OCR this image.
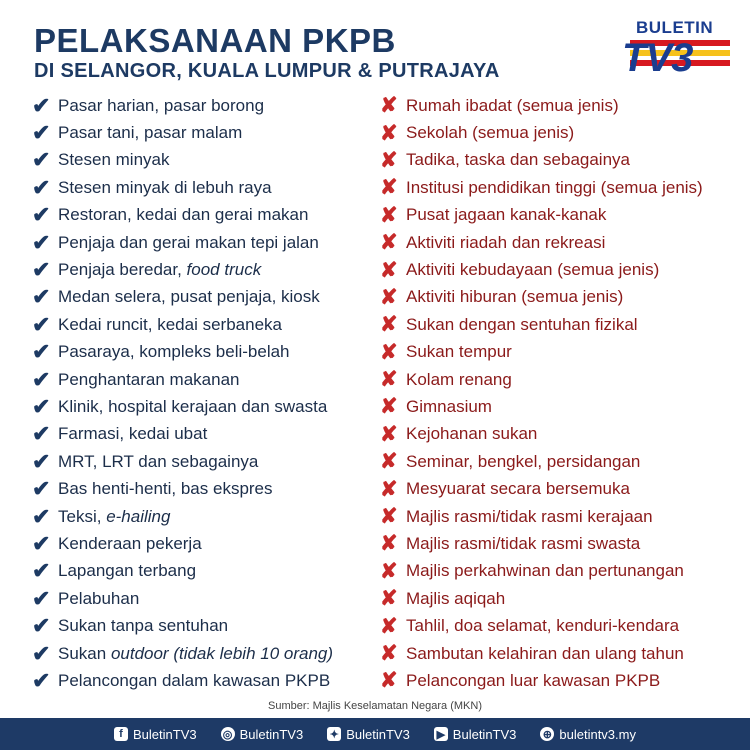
PELAKSANAAN PKPB
DI SELANGOR, KUALA LUMPUR & PUTRAJAYA
BULETIN
TV3
✔ Pasar harian, pasar borong
✔ Pasar tani, pasar malam
✔ Stesen minyak
✔ Stesen minyak di lebuh raya
✔ Restoran, kedai dan gerai makan
✔ Penjaja dan gerai makan tepi jalan
✔ Penjaja beredar, food truck
✔ Medan selera, pusat penjaja, kiosk
✔ Kedai runcit, kedai serbaneka
✔ Pasaraya, kompleks beli-belah
✔ Penghantaran makanan
✔ Klinik, hospital kerajaan dan swasta
✔ Farmasi, kedai ubat
✔ MRT, LRT dan sebagainya
✔ Bas henti-henti, bas ekspres
✔ Teksi, e-hailing
✔ Kenderaan pekerja
✔ Lapangan terbang
✔ Pelabuhan
✔ Sukan tanpa sentuhan
✔ Sukan outdoor (tidak lebih 10 orang)
✔ Pelancongan dalam kawasan PKPB
✘ Rumah ibadat (semua jenis)
✘ Sekolah (semua jenis)
✘ Tadika, taska dan sebagainya
✘ Institusi pendidikan tinggi (semua jenis)
✘ Pusat jagaan kanak-kanak
✘ Aktiviti riadah dan rekreasi
✘ Aktiviti kebudayaan (semua jenis)
✘ Aktiviti hiburan (semua jenis)
✘ Sukan dengan sentuhan fizikal
✘ Sukan tempur
✘ Kolam renang
✘ Gimnasium
✘ Kejohanan sukan
✘ Seminar, bengkel, persidangan
✘ Mesyuarat secara bersemuka
✘ Majlis rasmi/tidak rasmi kerajaan
✘ Majlis rasmi/tidak rasmi swasta
✘ Majlis perkahwinan dan pertunangan
✘ Majlis aqiqah
✘ Tahlil, doa selamat, kenduri-kendara
✘ Sambutan kelahiran dan ulang tahun
✘ Pelancongan luar kawasan PKPB
Sumber: Majlis Keselamatan Negara (MKN)
f BuletinTV3 ◎ BuletinTV3 ✦ BuletinTV3 ▶ BuletinTV3 ⊕ buletintv3.my
